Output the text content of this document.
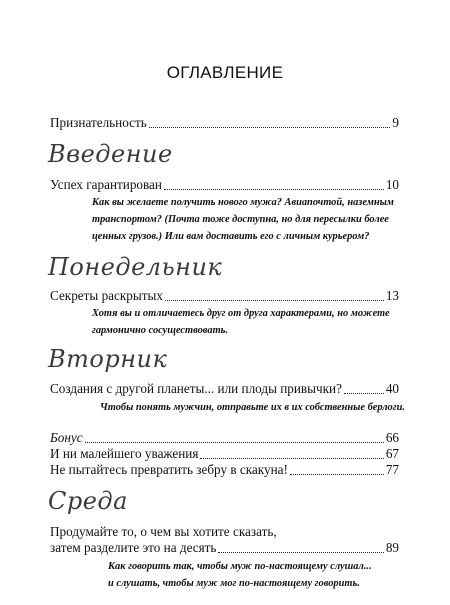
ОГЛАВЛЕНИЕ
Признательность	9
Введение
Успех гарантирован	10
Как вы желаете получить нового мужа? Авиапочтой, наземным
транспортом? (Почта тоже доступна, но для пересылки более
ценных грузов.) Или вам доставить его с личным курьером?
Понедельник
Секреты раскрытых	13
Хотя вы и отличаетесь друг от друга характерами, но можете
гармонично сосуществовать.
Вторник
Создания с другой планеты... или плоды привычки?	40
Чтобы понять мужчин, отправьте их в их собственные берлоги.
Бонус	66
И ни малейшего уважения	67
Не пытайтесь превратить зебру в скакуна!	77
Среда
Продумайте то, о чем вы хотите сказать,
затем разделите это на десять	89
Как говорить так, чтобы муж по-настоящему слушал...
и слушать, чтобы муж мог по-настоящему говорить.
